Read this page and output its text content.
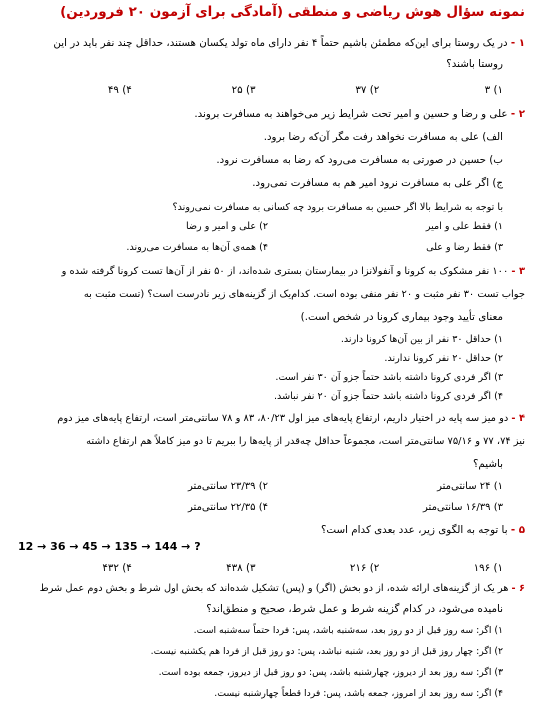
نمونه سؤال هوش ریاضی و منطقی (آمادگی برای آزمون ۲۰ فروردین)
۱ - در یک روستا برای این‌که مطمئن باشیم حتماً ۴ نفر دارای ماه تولد یکسان هستند، حداقل چند نفر باید در این
روستا باشند؟
۱) ۳
۲) ۳۷
۳) ۲۵
۴) ۴۹
۲ - علی و رضا و حسین و امیر تحت شرایط زیر می‌خواهند به مسافرت بروند.
الف) علی به مسافرت نخواهد رفت مگر آن‌که رضا برود.
ب) حسین در صورتی به مسافرت می‌رود که رضا به مسافرت نرود.
ج) اگر علی به مسافرت نرود امیر هم به مسافرت نمی‌رود.
با توجه به شرایط بالا اگر حسین به مسافرت برود چه کسانی به مسافرت نمی‌روند؟
۱) فقط علی و امیر
۲) علی و امیر و رضا
۳) فقط رضا و علی
۴) همه‌ی آن‌ها به مسافرت می‌روند.
۳ - ۱۰۰ نفر مشکوک به کرونا و آنفولانزا در بیمارستان بستری شده‌اند، از ۵۰ نفر از آن‌ها تست کرونا گرفته شده و
جواب تست ۳۰ نفر مثبت و ۲۰ نفر منفی بوده است. کدام‌یک از گزینه‌های زیر نادرست است؟ (تست مثبت به
معنای تأیید وجود بیماری کرونا در شخص است.)
۱) حداقل ۳۰ نفر از بین آن‌ها کرونا دارند.
۲) حداقل ۲۰ نفر کرونا ندارند.
۳) اگر فردی کرونا داشته باشد حتماً جزو آن ۳۰ نفر است.
۴) اگر فردی کرونا داشته باشد حتماً جزو آن ۲۰ نفر نباشد.
۴ - دو میز سه پایه در اختیار داریم، ارتفاع پایه‌های میز اول ۸۰/۲۳، ۸۳ و ۷۸ سانتی‌متر است، ارتفاع پایه‌های میز دوم
نیز ۷۴، ۷۷ و ۷۵/۱۶ سانتی‌متر است، مجموعاً حداقل چه‌قدر از پایه‌ها را ببریم تا دو میز کاملاً هم ارتفاع داشته
باشیم؟
۱) ۲۴ سانتی‌متر
۲) ۲۳/۳۹ سانتی‌متر
۳) ۱۶/۳۹ سانتی‌متر
۴) ۲۲/۳۵ سانتی‌متر
۵ - با توجه به الگوی زیر، عدد بعدی کدام است؟
12 → 36 → 45 → 135 → 144 → ?
۱) ۱۹۶
۲) ۲۱۶
۳) ۴۳۸
۴) ۴۳۲
۶ - هر یک از گزینه‌های ارائه شده، از دو بخش (اگر) و (پس) تشکیل شده‌اند که بخش اول شرط و بخش دوم عمل شرط
نامیده می‌شود، در کدام گزینه شرط و عمل شرط، صحیح و منطق‌اند؟
۱) اگر: سه روز قبل از دو روز بعد، سه‌شنبه باشد، پس: فردا حتماً سه‌شنبه است.
۲) اگر: چهار روز قبل از دو روز بعد، شنبه نباشد، پس: دو روز قبل از فردا هم یکشنبه نیست.
۳) اگر: سه روز بعد از دیروز، چهارشنبه باشد، پس: دو روز قبل از دیروز، جمعه بوده است.
۴) اگر: سه روز بعد از امروز، جمعه باشد، پس: فردا قطعاً چهارشنبه نیست.
